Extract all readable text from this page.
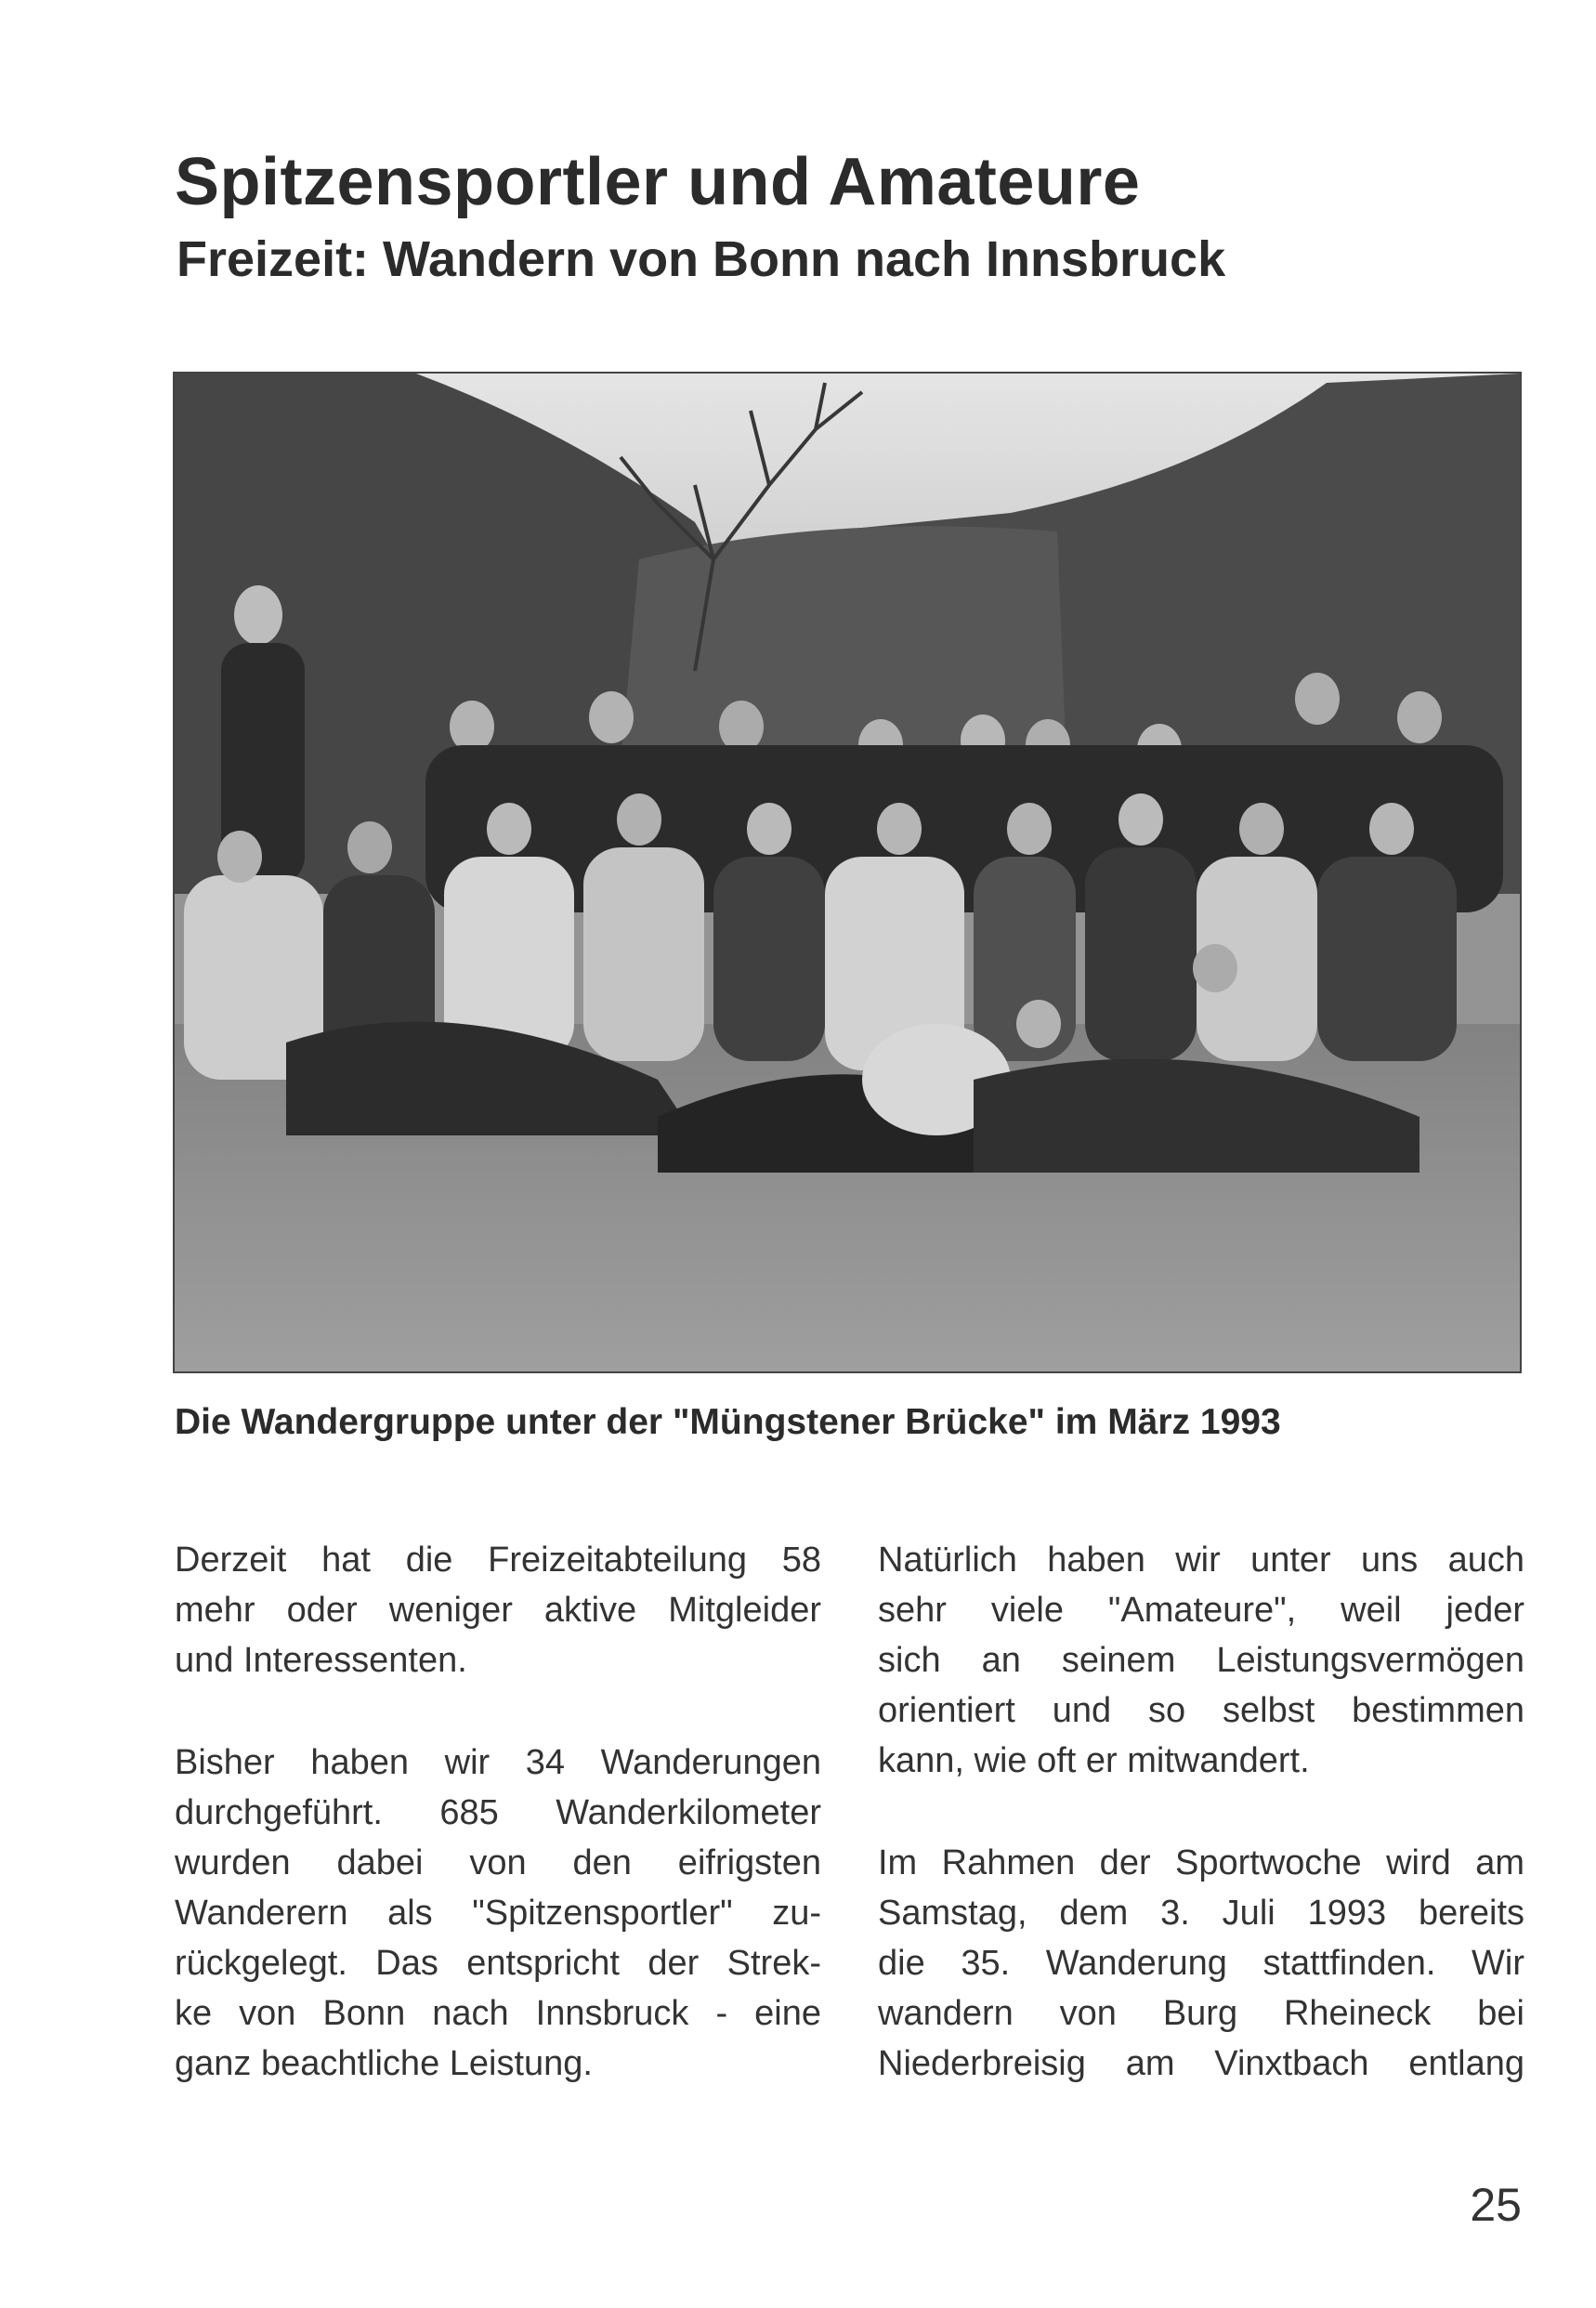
Spitzensportler und Amateure
Freizeit: Wandern von Bonn nach Innsbruck
Die Wandergruppe unter der "Müngstener Brücke" im März 1993

Derzeit hat die Freizeitabteilung 58
mehr oder weniger aktive Mitgleider
und Interessenten.

Bisher haben wir 34 Wanderungen
durchgeführt. 685 Wanderkilometer
wurden dabei von den eifrigsten
Wanderern als "Spitzensportler" zu-
rückgelegt. Das entspricht der Strek-
ke von Bonn nach Innsbruck - eine
ganz beachtliche Leistung.

Natürlich haben wir unter uns auch
sehr viele "Amateure", weil jeder
sich an seinem Leistungsvermögen
orientiert und so selbst bestimmen
kann, wie oft er mitwandert.

Im Rahmen der Sportwoche wird am
Samstag, dem 3. Juli 1993 bereits
die 35. Wanderung stattfinden. Wir
wandern von Burg Rheineck bei
Niederbreisig am Vinxtbach entlang

25
